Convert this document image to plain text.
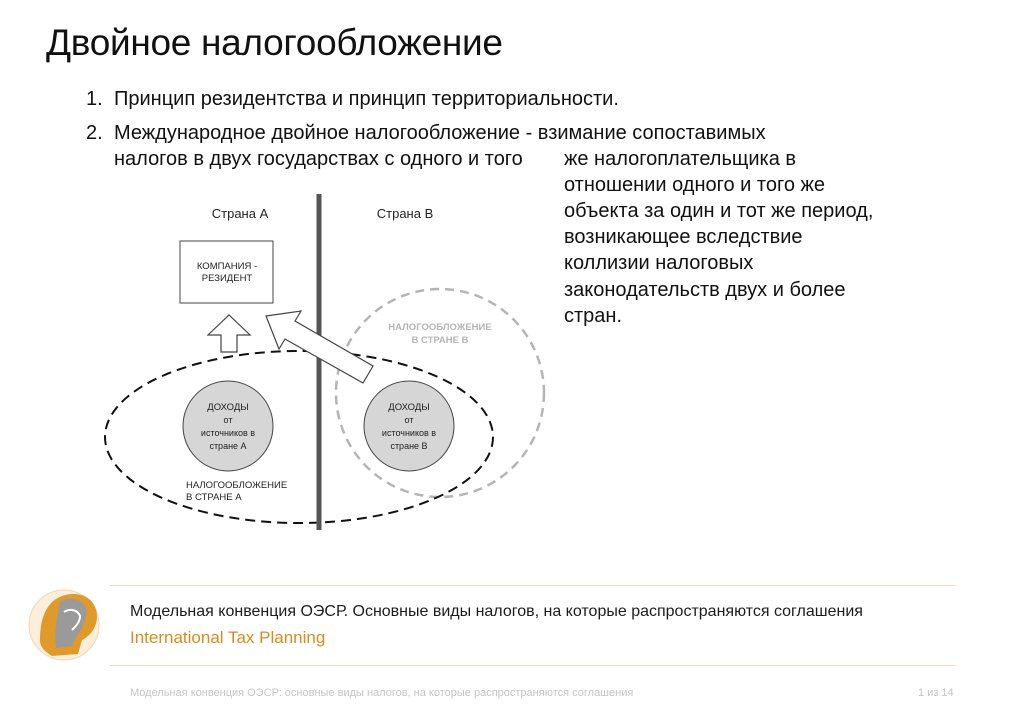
Двойное налогообложение
1. Принцип резидентства и принцип территориальности.
2. Международное двойное налогообложение - взимание сопоставимых
налогов в двух государствах с одного и того же налогоплательщика в
отношении одного и того же
объекта за один и тот же период,
возникающее вследствие
коллизии налоговых
законодательств двух и более
стран.
Страна А	Страна В
КОМПАНИЯ -
РЕЗИДЕНТ
ДОХОДЫ
от
источников в
стране А
ДОХОДЫ
от
источников в
стране В
НАЛОГООБЛОЖЕНИЕ
В СТРАНЕ А
НАЛОГООБЛОЖЕНИЕ
В СТРАНЕ В
Модельная конвенция ОЭСР. Основные виды налогов, на которые распространяются соглашения
International Tax Planning
Модельная конвенция ОЭСР: основные виды налогов, на которые распространяются соглашения	1 из 14
